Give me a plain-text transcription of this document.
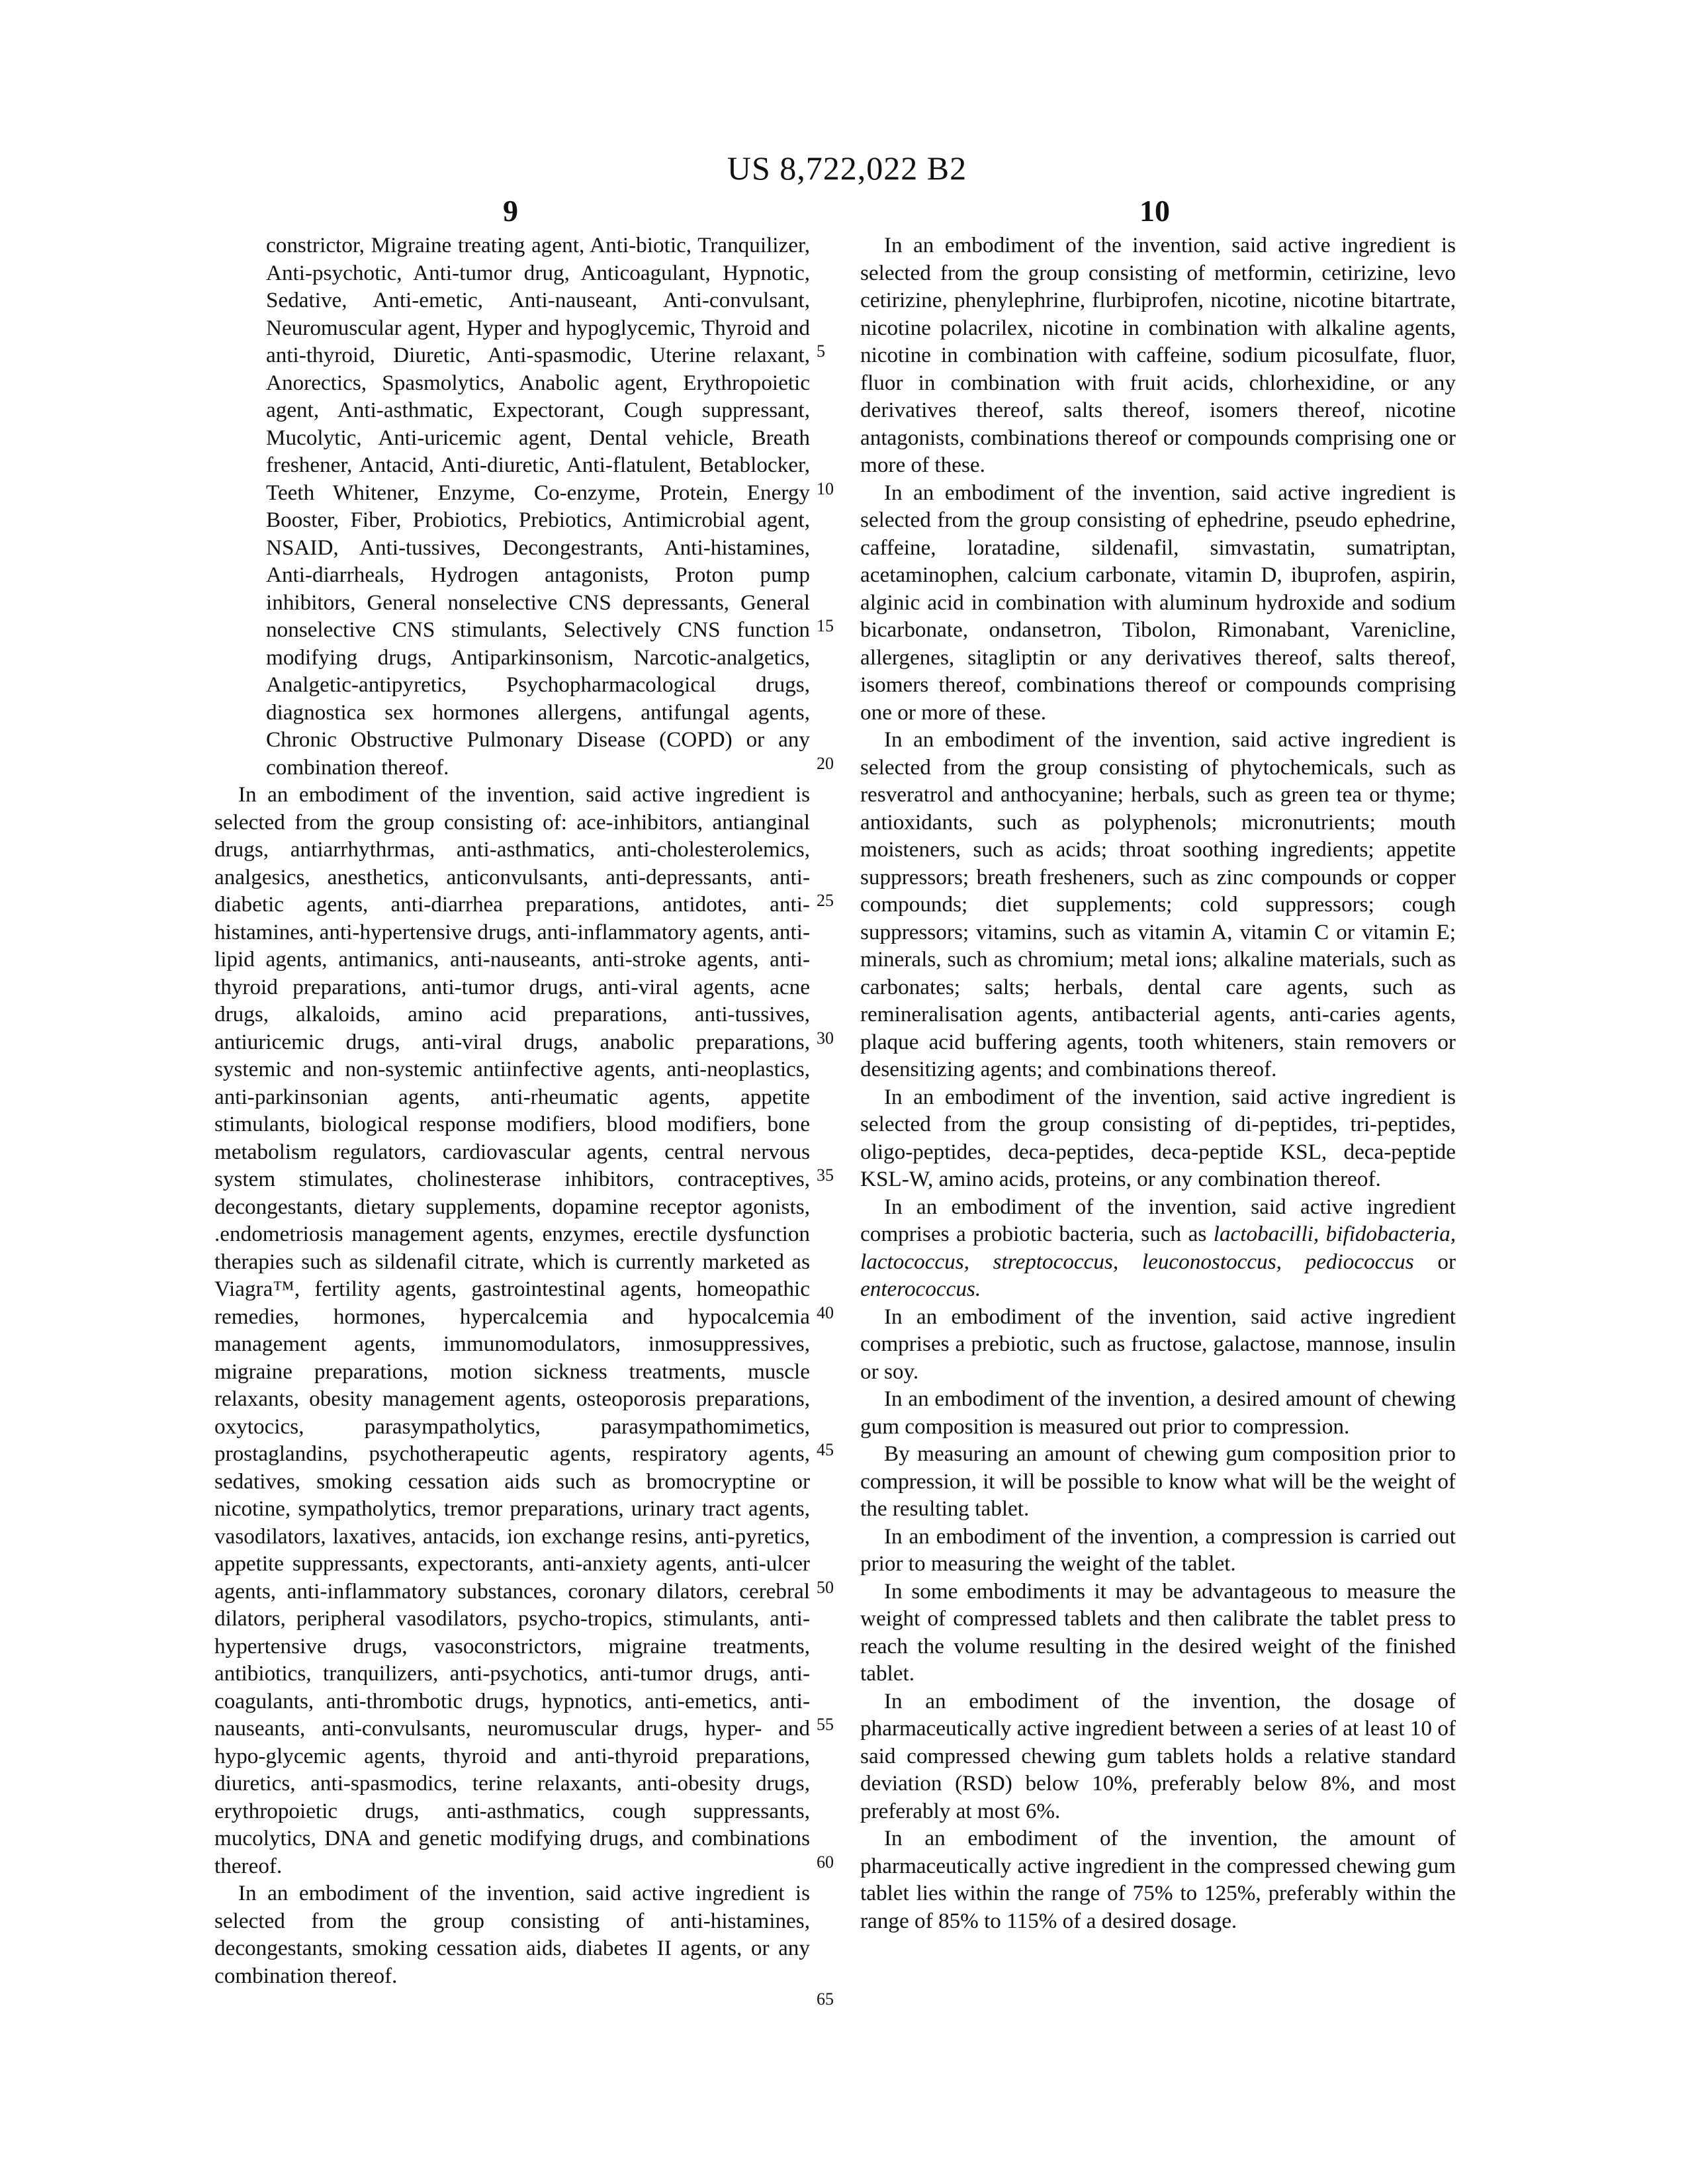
US 8,722,022 B2
9	10

constrictor, Migraine treating agent, Anti-biotic, Tranquilizer, Anti-psychotic, Anti-tumor drug, Anticoagulant, Hypnotic, Sedative, Anti-emetic, Anti-nauseant, Anti-convulsant, Neuromuscular agent, Hyper and hypoglycemic, Thyroid and anti-thyroid, Diuretic, Anti-spasmodic, Uterine relaxant, Anorectics, Spasmolytics, Anabolic agent, Erythropoietic agent, Anti-asthmatic, Expectorant, Cough suppressant, Mucolytic, Anti-uricemic agent, Dental vehicle, Breath freshener, Antacid, Anti-diuretic, Anti-flatulent, Betablocker, Teeth Whitener, Enzyme, Co-enzyme, Protein, Energy Booster, Fiber, Probiotics, Prebiotics, Antimicrobial agent, NSAID, Anti-tussives, Decongestrants, Anti-histamines, Anti-diarrheals, Hydrogen antagonists, Proton pump inhibitors, General nonselective CNS depressants, General nonselective CNS stimulants, Selectively CNS function modifying drugs, Antiparkinsonism, Narcotic-analgetics, Analgetic-antipyretics, Psychopharmacological drugs, diagnostica sex hormones allergens, antifungal agents, Chronic Obstructive Pulmonary Disease (COPD) or any combination thereof.

In an embodiment of the invention, said active ingredient is selected from the group consisting of: ace-inhibitors, antianginal drugs, antiarrhythrmas, anti-asthmatics, anti-cholesterolemics, analgesics, anesthetics, anticonvulsants, anti-depressants, anti-diabetic agents, anti-diarrhea preparations, antidotes, anti-histamines, anti-hypertensive drugs, anti-inflammatory agents, anti-lipid agents, antimanics, anti-nauseants, anti-stroke agents, anti-thyroid preparations, anti-tumor drugs, anti-viral agents, acne drugs, alkaloids, amino acid preparations, anti-tussives, antiuricemic drugs, anti-viral drugs, anabolic preparations, systemic and non-systemic antiinfective agents, anti-neoplastics, anti-parkinsonian agents, anti-rheumatic agents, appetite stimulants, biological response modifiers, blood modifiers, bone metabolism regulators, cardiovascular agents, central nervous system stimulates, cholinesterase inhibitors, contraceptives, decongestants, dietary supplements, dopamine receptor agonists, .endometriosis management agents, enzymes, erectile dysfunction therapies such as sildenafil citrate, which is currently marketed as Viagra™, fertility agents, gastrointestinal agents, homeopathic remedies, hormones, hypercalcemia and hypocalcemia management agents, immunomodulators, inmosuppressives, migraine preparations, motion sickness treatments, muscle relaxants, obesity management agents, osteoporosis preparations, oxytocics, parasympatholytics, parasympathomimetics, prostaglandins, psychotherapeutic agents, respiratory agents, sedatives, smoking cessation aids such as bromocryptine or nicotine, sympatholytics, tremor preparations, urinary tract agents, vasodilators, laxatives, antacids, ion exchange resins, anti-pyretics, appetite suppressants, expectorants, anti-anxiety agents, anti-ulcer agents, anti-inflammatory substances, coronary dilators, cerebral dilators, peripheral vasodilators, psycho-tropics, stimulants, anti-hypertensive drugs, vasoconstrictors, migraine treatments, antibiotics, tranquilizers, anti-psychotics, anti-tumor drugs, anti-coagulants, anti-thrombotic drugs, hypnotics, anti-emetics, anti-nauseants, anti-convulsants, neuromuscular drugs, hyper- and hypo-glycemic agents, thyroid and anti-thyroid preparations, diuretics, anti-spasmodics, terine relaxants, anti-obesity drugs, erythropoietic drugs, anti-asthmatics, cough suppressants, mucolytics, DNA and genetic modifying drugs, and combinations thereof.

In an embodiment of the invention, said active ingredient is selected from the group consisting of anti-histamines, decongestants, smoking cessation aids, diabetes II agents, or any combination thereof.

5
10
15
20
25
30
35
40
45
50
55
60
65

In an embodiment of the invention, said active ingredient is selected from the group consisting of metformin, cetirizine, levo cetirizine, phenylephrine, flurbiprofen, nicotine, nicotine bitartrate, nicotine polacrilex, nicotine in combination with alkaline agents, nicotine in combination with caffeine, sodium picosulfate, fluor, fluor in combination with fruit acids, chlorhexidine, or any derivatives thereof, salts thereof, isomers thereof, nicotine antagonists, combinations thereof or compounds comprising one or more of these.

In an embodiment of the invention, said active ingredient is selected from the group consisting of ephedrine, pseudo ephedrine, caffeine, loratadine, sildenafil, simvastatin, sumatriptan, acetaminophen, calcium carbonate, vitamin D, ibuprofen, aspirin, alginic acid in combination with aluminum hydroxide and sodium bicarbonate, ondansetron, Tibolon, Rimonabant, Varenicline, allergenes, sitagliptin or any derivatives thereof, salts thereof, isomers thereof, combinations thereof or compounds comprising one or more of these.

In an embodiment of the invention, said active ingredient is selected from the group consisting of phytochemicals, such as resveratrol and anthocyanine; herbals, such as green tea or thyme; antioxidants, such as polyphenols; micronutrients; mouth moisteners, such as acids; throat soothing ingredients; appetite suppressors; breath fresheners, such as zinc compounds or copper compounds; diet supplements; cold suppressors; cough suppressors; vitamins, such as vitamin A, vitamin C or vitamin E; minerals, such as chromium; metal ions; alkaline materials, such as carbonates; salts; herbals, dental care agents, such as remineralisation agents, antibacterial agents, anti-caries agents, plaque acid buffering agents, tooth whiteners, stain removers or desensitizing agents; and combinations thereof.

In an embodiment of the invention, said active ingredient is selected from the group consisting of di-peptides, tri-peptides, oligo-peptides, deca-peptides, deca-peptide KSL, deca-peptide KSL-W, amino acids, proteins, or any combination thereof.

In an embodiment of the invention, said active ingredient comprises a probiotic bacteria, such as lactobacilli, bifidobacteria, lactococcus, streptococcus, leuconostoccus, pediococcus or enterococcus.

In an embodiment of the invention, said active ingredient comprises a prebiotic, such as fructose, galactose, mannose, insulin or soy.

In an embodiment of the invention, a desired amount of chewing gum composition is measured out prior to compression.

By measuring an amount of chewing gum composition prior to compression, it will be possible to know what will be the weight of the resulting tablet.

In an embodiment of the invention, a compression is carried out prior to measuring the weight of the tablet.

In some embodiments it may be advantageous to measure the weight of compressed tablets and then calibrate the tablet press to reach the volume resulting in the desired weight of the finished tablet.

In an embodiment of the invention, the dosage of pharmaceutically active ingredient between a series of at least 10 of said compressed chewing gum tablets holds a relative standard deviation (RSD) below 10%, preferably below 8%, and most preferably at most 6%.

In an embodiment of the invention, the amount of pharmaceutically active ingredient in the compressed chewing gum tablet lies within the range of 75% to 125%, preferably within the range of 85% to 115% of a desired dosage.
